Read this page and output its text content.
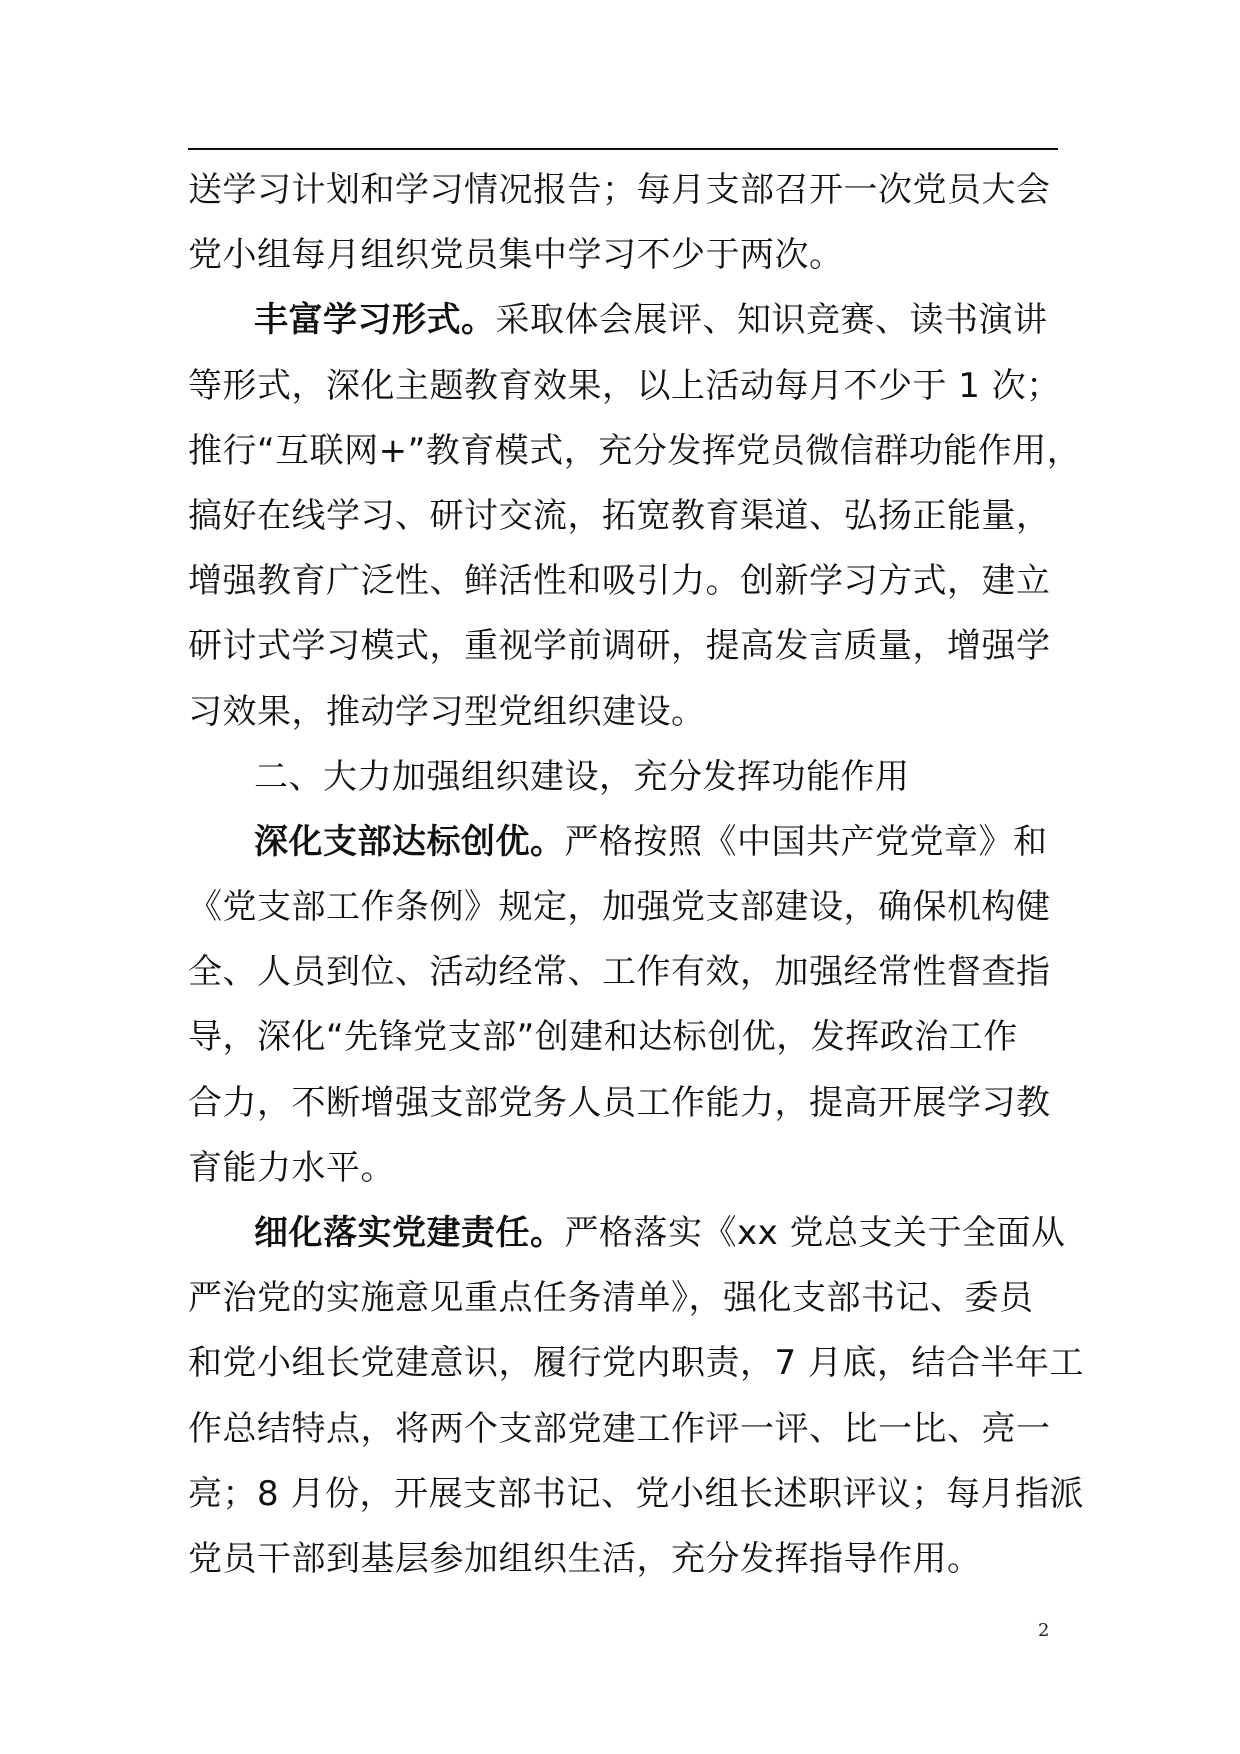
送学习计划和学习情况报告；每月支部召开一次党员大会
党小组每月组织党员集中学习不少于两次。
丰富学习形式。采取体会展评、知识竞赛、读书演讲
等形式，深化主题教育效果，以上活动每月不少于 1 次；
推行“互联网+”教育模式，充分发挥党员微信群功能作用，
搞好在线学习、研讨交流，拓宽教育渠道、弘扬正能量，
增强教育广泛性、鲜活性和吸引力。创新学习方式，建立
研讨式学习模式，重视学前调研，提高发言质量，增强学
习效果，推动学习型党组织建设。
二、大力加强组织建设，充分发挥功能作用
深化支部达标创优。严格按照《中国共产党党章》和
《党支部工作条例》规定，加强党支部建设，确保机构健
全、人员到位、活动经常、工作有效，加强经常性督查指
导，深化“先锋党支部”创建和达标创优，发挥政治工作
合力，不断增强支部党务人员工作能力，提高开展学习教
育能力水平。
细化落实党建责任。严格落实《xx 党总支关于全面从
严治党的实施意见重点任务清单》，强化支部书记、委员
和党小组长党建意识，履行党内职责，7 月底，结合半年工
作总结特点，将两个支部党建工作评一评、比一比、亮一
亮；8 月份，开展支部书记、党小组长述职评议；每月指派
党员干部到基层参加组织生活，充分发挥指导作用。
2
